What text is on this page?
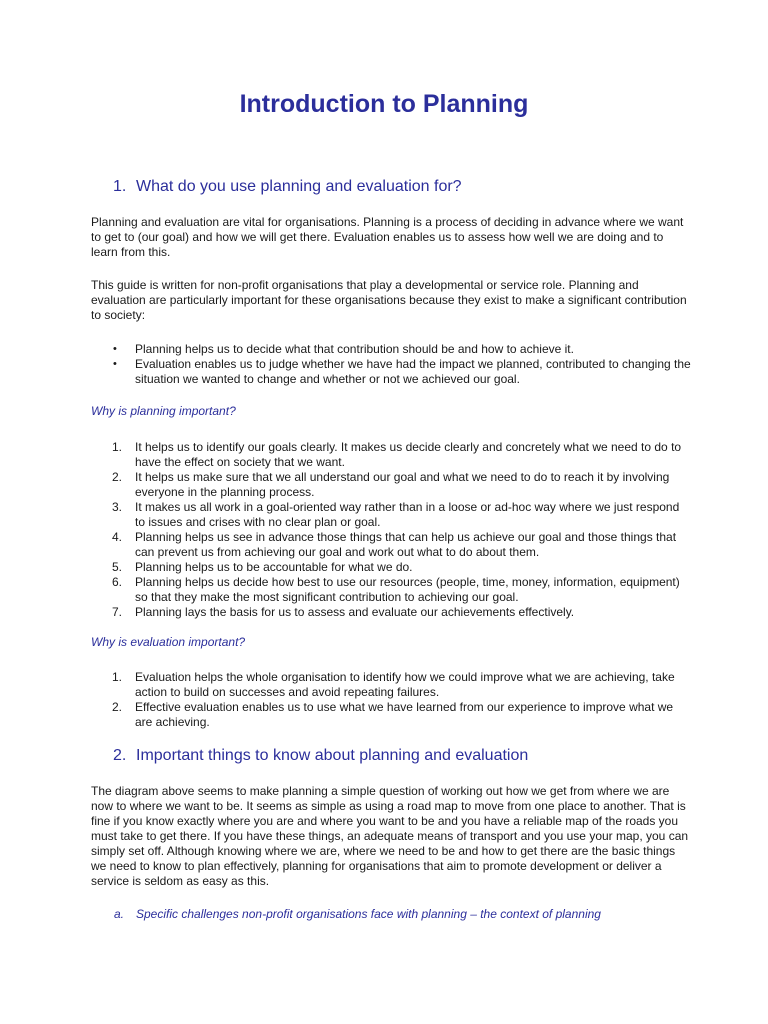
Introduction to Planning
1. What do you use planning and evaluation for?

Planning and evaluation are vital for organisations. Planning is a process of deciding in advance where we want to get to (our goal) and how we will get there. Evaluation enables us to assess how well we are doing and to learn from this.

This guide is written for non-profit organisations that play a developmental or service role. Planning and evaluation are particularly important for these organisations because they exist to make a significant contribution to society:

• Planning helps us to decide what that contribution should be and how to achieve it.
• Evaluation enables us to judge whether we have had the impact we planned, contributed to changing the situation we wanted to change and whether or not we achieved our goal.

Why is planning important?

1. It helps us to identify our goals clearly. It makes us decide clearly and concretely what we need to do to have the effect on society that we want.
2. It helps us make sure that we all understand our goal and what we need to do to reach it by involving everyone in the planning process.
3. It makes us all work in a goal-oriented way rather than in a loose or ad-hoc way where we just respond to issues and crises with no clear plan or goal.
4. Planning helps us see in advance those things that can help us achieve our goal and those things that can prevent us from achieving our goal and work out what to do about them.
5. Planning helps us to be accountable for what we do.
6. Planning helps us decide how best to use our resources (people, time, money, information, equipment) so that they make the most significant contribution to achieving our goal.
7. Planning lays the basis for us to assess and evaluate our achievements effectively.

Why is evaluation important?

1. Evaluation helps the whole organisation to identify how we could improve what we are achieving, take action to build on successes and avoid repeating failures.
2. Effective evaluation enables us to use what we have learned from our experience to improve what we are achieving.
2. Important things to know about planning and evaluation

The diagram above seems to make planning a simple question of working out how we get from where we are now to where we want to be. It seems as simple as using a road map to move from one place to another. That is fine if you know exactly where you are and where you want to be and you have a reliable map of the roads you must take to get there. If you have these things, an adequate means of transport and you use your map, you can simply set off. Although knowing where we are, where we need to be and how to get there are the basic things we need to know to plan effectively, planning for organisations that aim to promote development or deliver a service is seldom as easy as this.

a. Specific challenges non-profit organisations face with planning – the context of planning
